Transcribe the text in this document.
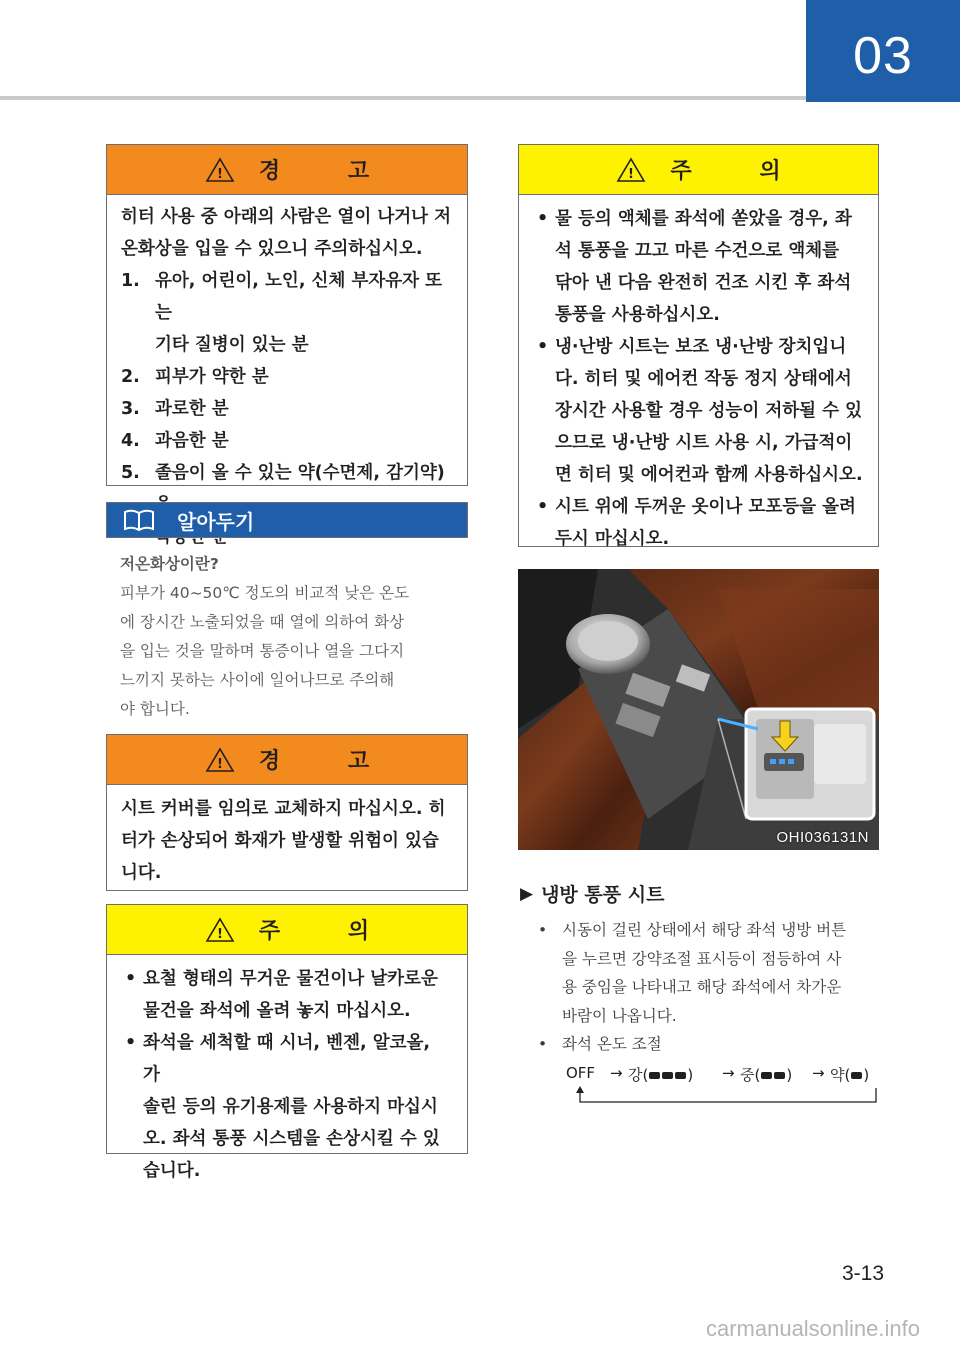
03
! 경 고

히터 사용 중 아래의 사람은 열이 나거나 저

온화상을 입을 수 있으니 주의하십시오.

1. 유아, 어린이, 노인, 신체 부자유자 또는
기타 질병이 있는 분
2. 피부가 약한 분
3. 과로한 분
4. 과음한 분
5. 졸음이 올 수 있는 약(수면제, 감기약)

알아두기
저온화상이란?
피부가 40~50℃ 정도의 비교적 낮은 온도
에 장시간 노출되었을 때 열에 의하여 화상
을 입는 것을 말하며 통증이나 열을 그다지
느끼지 못하는 사이에 일어나므로 주의해
야 합니다.
! 경 고

시트 커버를 임의로 교체하지 마십시오. 히

터가 손상되어 화재가 발생할 위험이 있습

니다.

! 주 의
• 요철 형태의 무거운 물건이나 날카로운
물건을 좌석에 올려 놓지 마십시오.
• 좌석을 세척할 때 시너, 벤젠, 알코올, 가
솔린 등의 유기용제를 사용하지 마십시
오. 좌석 통풍 시스템을 손상시킬 수 있
습니다.
! 주 의
• 물 등의 액체를 좌석에 쏟았을 경우, 좌
석 통풍을 끄고 마른 수건으로 액체를
닦아 낸 다음 완전히 건조 시킨 후 좌석
통풍을 사용하십시오.
• 냉·난방 시트는 보조 냉·난방 장치입니
다. 히터 및 에어컨 작동 정지 상태에서
장시간 사용할 경우 성능이 저하될 수 있
으므로 냉·난방 시트 사용 시, 가급적이
면 히터 및 에어컨과 함께 사용하십시오.
• 시트 위에 두꺼운 옷이나 모포등을 올려
두시 마십시오.
OHI036131N
▶ 냉방 통풍 시트
• 시동이 걸린 상태에서 해당 좌석 냉방 버튼
을 누르면 강약조절 표시등이 점등하여 사
용 중임을 나타내고 해당 좌석에서 차가운
바람이 나옵니다.
• 좌석 온도 조절
OFF → 강(	) → 중( ) → 약( )
3-13
carmanualsonline.info
